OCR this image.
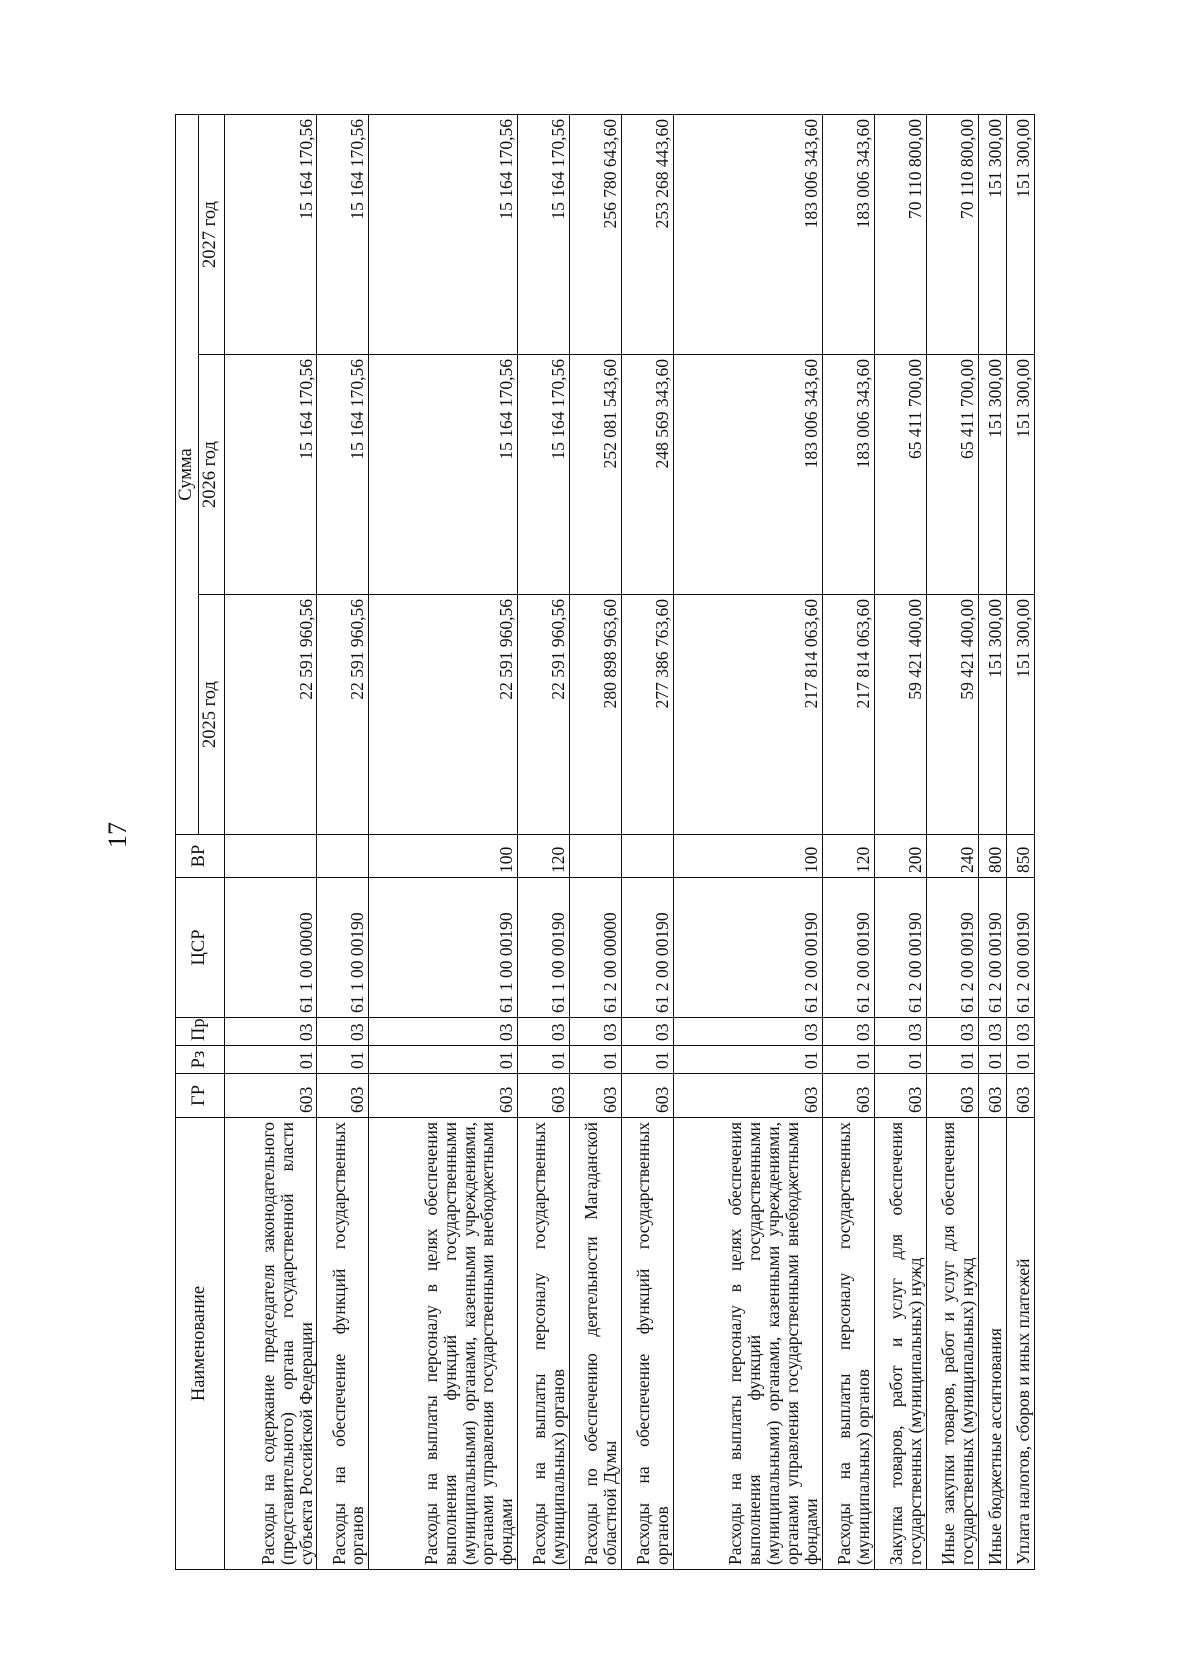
17
Наименование	ГР	Рз	Пр	ЦСР	ВР	Сумма		
						2025 год	2026 год	2027 год
Расходы на содержание председателя законодательного (представительного) органа государственной власти субъекта Российской Федерации	603	01	03	61 1 00 00000		22 591 960,56	15 164 170,56	15 164 170,56
Расходы на обеспечение функций государственных органов	603	01	03	61 1 00 00190		22 591 960,56	15 164 170,56	15 164 170,56
Расходы на выплаты персоналу в целях обеспечения выполнения функций государственными (муниципальными) органами, казенными учреждениями, органами управления государственными внебюджетными фондами	603	01	03	61 1 00 00190	100	22 591 960,56	15 164 170,56	15 164 170,56
Расходы на выплаты персоналу государственных (муниципальных) органов	603	01	03	61 1 00 00190	120	22 591 960,56	15 164 170,56	15 164 170,56
Расходы по обеспечению деятельности Магаданской областной Думы	603	01	03	61 2 00 00000		280 898 963,60	252 081 543,60	256 780 643,60
Расходы на обеспечение функций государственных органов	603	01	03	61 2 00 00190		277 386 763,60	248 569 343,60	253 268 443,60
Расходы на выплаты персоналу в целях обеспечения выполнения функций государственными (муниципальными) органами, казенными учреждениями, органами управления государственными внебюджетными фондами	603	01	03	61 2 00 00190	100	217 814 063,60	183 006 343,60	183 006 343,60
Расходы на выплаты персоналу государственных (муниципальных) органов	603	01	03	61 2 00 00190	120	217 814 063,60	183 006 343,60	183 006 343,60
Закупка товаров, работ и услуг для обеспечения государственных (муниципальных) нужд	603	01	03	61 2 00 00190	200	59 421 400,00	65 411 700,00	70 110 800,00
Иные закупки товаров, работ и услуг для обеспечения государственных (муниципальных) нужд	603	01	03	61 2 00 00190	240	59 421 400,00	65 411 700,00	70 110 800,00
Иные бюджетные ассигнования	603	01	03	61 2 00 00190	800	151 300,00	151 300,00	151 300,00
Уплата налогов, сборов и иных платежей	603	01	03	61 2 00 00190	850	151 300,00	151 300,00	151 300,00
